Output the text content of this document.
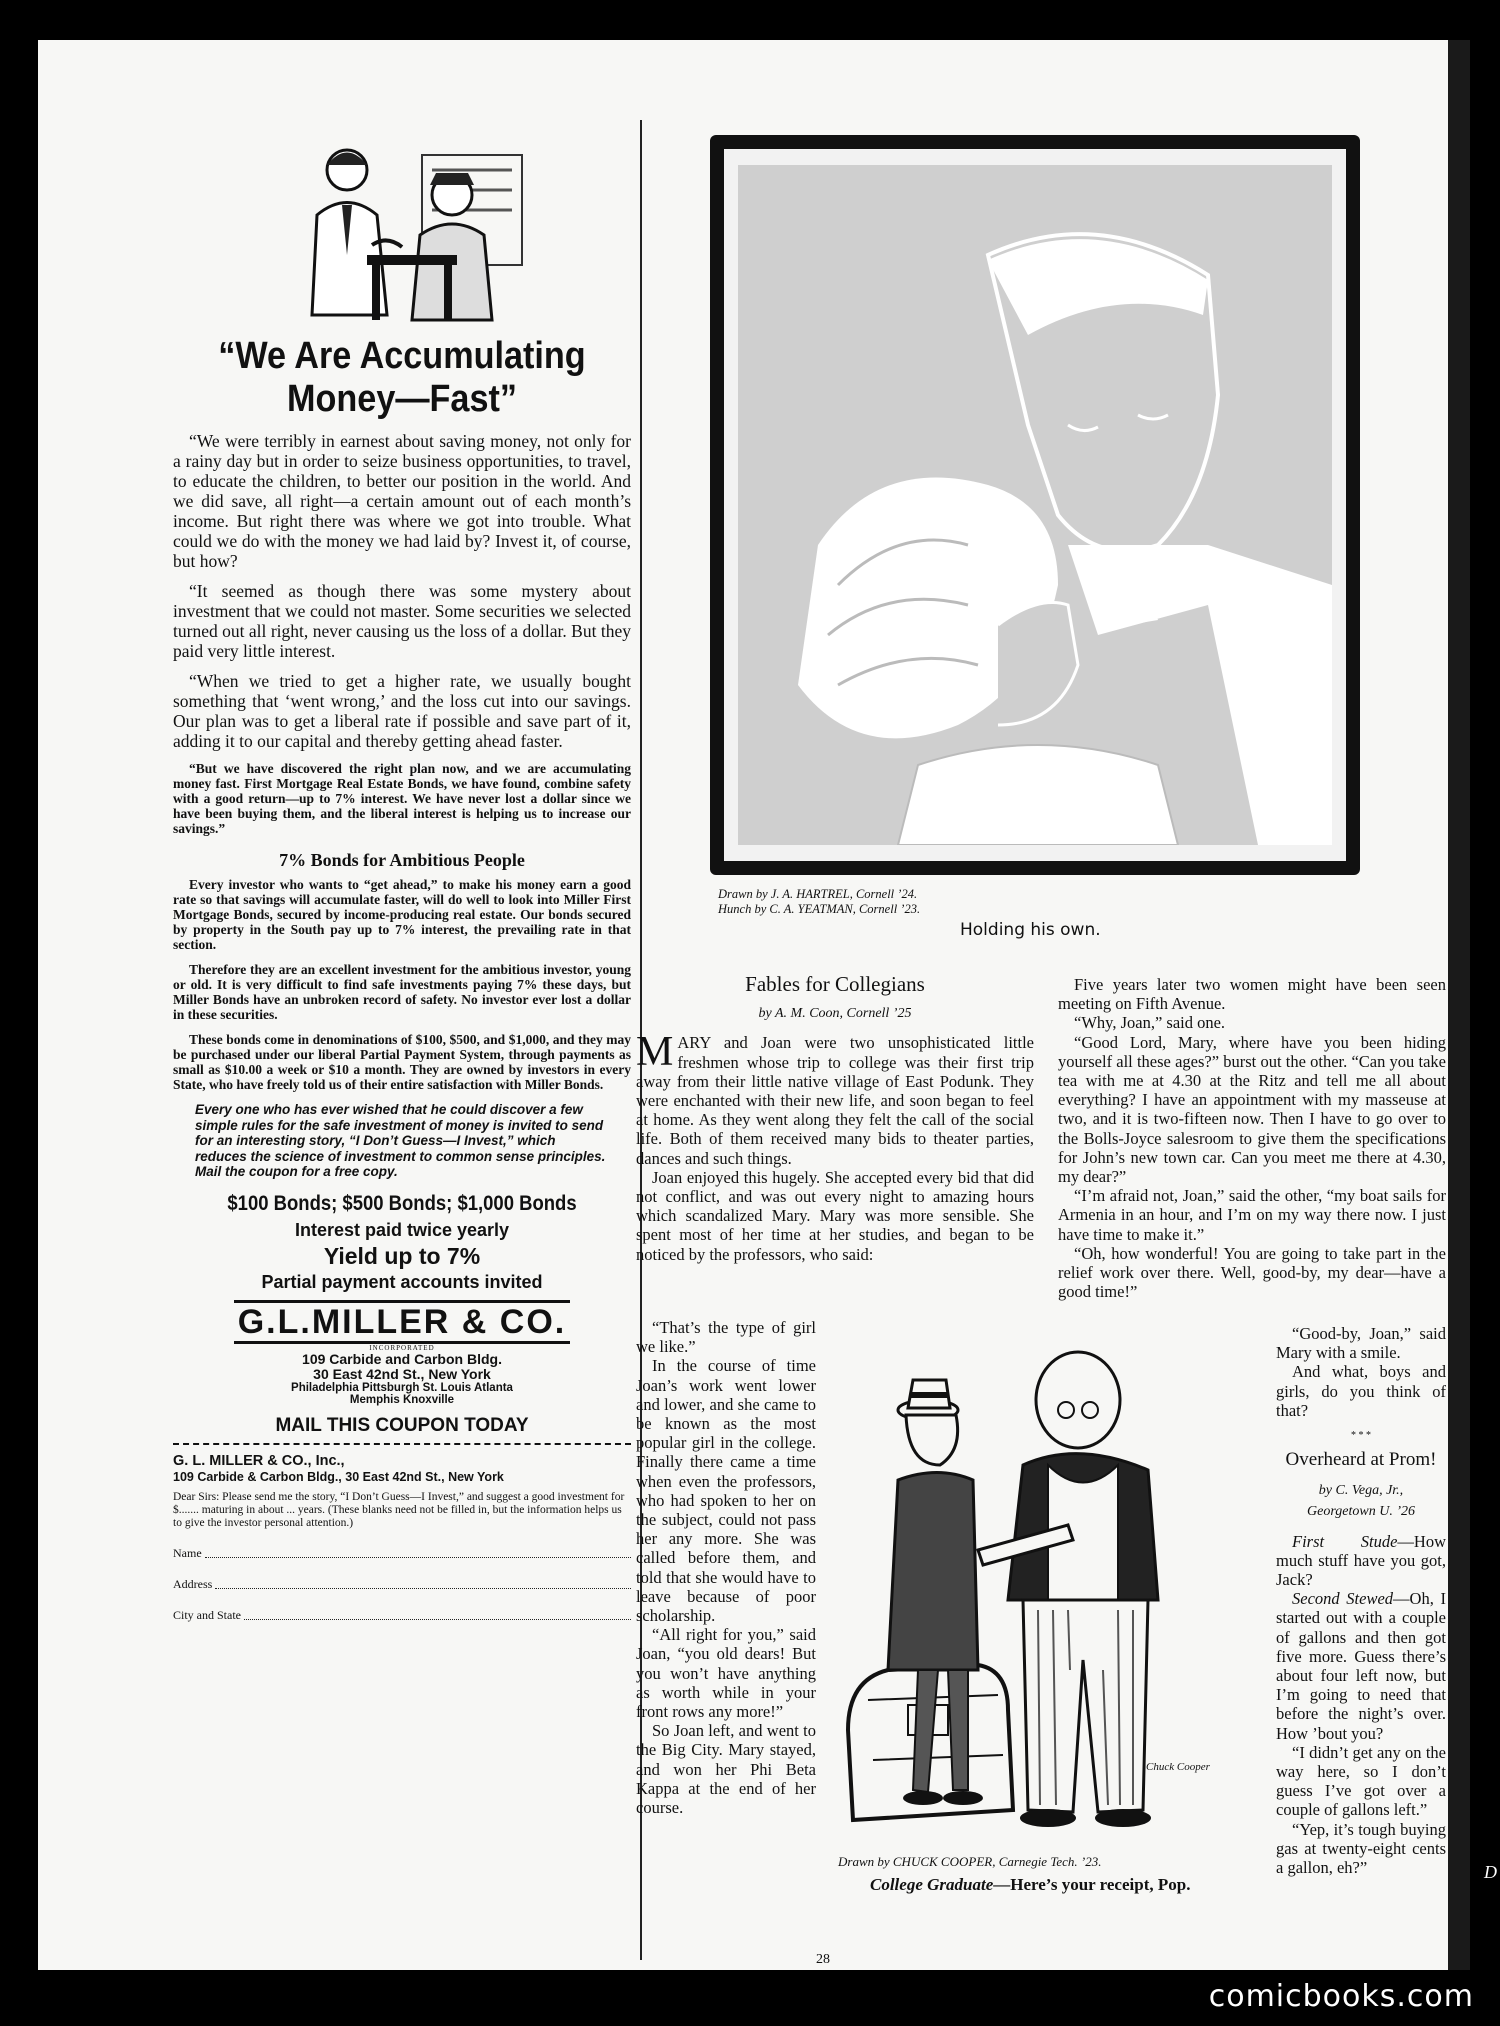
“We Are Accumulating Money—Fast”

“We were terribly in earnest about saving money, not only for a rainy day but in order to seize business opportunities, to travel, to educate the children, to better our position in the world. And we did save, all right—a certain amount out of each month’s income. But right there was where we got into trouble. What could we do with the money we had laid by? Invest it, of course, but how?

“It seemed as though there was some mystery about investment that we could not master. Some securities we selected turned out all right, never causing us the loss of a dollar. But they paid very little interest.

“When we tried to get a higher rate, we usually bought something that ‘went wrong,’ and the loss cut into our savings. Our plan was to get a liberal rate if possible and save part of it, adding it to our capital and thereby getting ahead faster.

“But we have discovered the right plan now, and we are accumulating money fast. First Mortgage Real Estate Bonds, we have found, combine safety with a good return—up to 7% interest. We have never lost a dollar since we have been buying them, and the liberal interest is helping us to increase our savings.”

7% Bonds for Ambitious People

Every investor who wants to “get ahead,” to make his money earn a good rate so that savings will accumulate faster, will do well to look into Miller First Mortgage Bonds, secured by income-producing real estate. Our bonds secured by property in the South pay up to 7% interest, the prevailing rate in that section.

Therefore they are an excellent investment for the ambitious investor, young or old. It is very difficult to find safe investments paying 7% these days, but Miller Bonds have an unbroken record of safety. No investor ever lost a dollar in these securities.

These bonds come in denominations of $100, $500, and $1,000, and they may be purchased under our liberal Partial Payment System, through payments as small as $10.00 a week or $10 a month. They are owned by investors in every State, who have freely told us of their entire satisfaction with Miller Bonds.

Every one who has ever wished that he could discover a few simple rules for the safe investment of money is invited to send for an interesting story, “I Don’t Guess—I Invest,” which reduces the science of investment to common sense principles. Mail the coupon for a free copy.

$100 Bonds; $500 Bonds; $1,000 Bonds
Interest paid twice yearly
Yield up to 7%
Partial payment accounts invited
G.L.MILLER & CO.
INCORPORATED
109 Carbide and Carbon Bldg.
30 East 42nd St., New York
Philadelphia Pittsburgh St. Louis Atlanta
Memphis Knoxville
MAIL THIS COUPON TODAY
G. L. MILLER & CO., Inc.,
109 Carbide & Carbon Bldg., 30 East 42nd St., New York
Dear Sirs: Please send me the story, “I Don’t Guess—I Invest,” and suggest a good investment for $....... maturing in about ... years. (These blanks need not be filled in, but the information helps us to give the investor personal attention.)
Name
Address
City and State
H
Drawn by J. A. HARTREL, Cornell ’24.
Hunch by C. A. YEATMAN, Cornell ’23.
Holding his own.
Fables for Collegians
by A. M. Coon, Cornell ’25

MARY and Joan were two unsophisticated little freshmen whose trip to college was their first trip away from their little native village of East Podunk. They were enchanted with their new life, and soon began to feel at home. As they went along they felt the call of the social life. Both of them received many bids to theater parties, dances and such things.

Joan enjoyed this hugely. She accepted every bid that did not conflict, and was out every night to amazing hours which scandalized Mary. Mary was more sensible. She spent most of her time at her studies, and began to be noticed by the professors, who said:

“That’s the type of girl we like.”

In the course of time Joan’s work went lower and lower, and she came to be known as the most popular girl in the college. Finally there came a time when even the professors, who had spoken to her on the subject, could not pass her any more. She was called before them, and told that she would have to leave because of poor scholarship.

“All right for you,” said Joan, “you old dears! But you won’t have anything as worth while in your front rows any more!”

So Joan left, and went to the Big City. Mary stayed, and won her Phi Beta Kappa at the end of her course.

Five years later two women might have been seen meeting on Fifth Avenue.

“Why, Joan,” said one.

“Good Lord, Mary, where have you been hiding yourself all these ages?” burst out the other. “Can you take tea with me at 4.30 at the Ritz and tell me all about everything? I have an appointment with my masseuse at two, and it is two-fifteen now. Then I have to go over to the Bolls-Joyce salesroom to give them the specifications for John’s new town car. Can you meet me there at 4.30, my dear?”

“I’m afraid not, Joan,” said the other, “my boat sails for Armenia in an hour, and I’m on my way there now. I just have time to make it.”

“Oh, how wonderful! You are going to take part in the relief work over there. Well, good-by, my dear—have a good time!”

“Good-by, Joan,” said Mary with a smile.

And what, boys and girls, do you think of that?

* * *
Overheard at Prom!
by C. Vega, Jr.,
Georgetown U. ’26

First Stude—How much stuff have you got, Jack?

Second Stewed—Oh, I started out with a couple of gallons and then got five more. Guess there’s about four left now, but I’m going to need that before the night’s over. How ’bout you?

“I didn’t get any on the way here, so I don’t guess I’ve got over a couple of gallons left.”

“Yep, it’s tough buying gas at twenty-eight cents a gallon, eh?”

Chuck Cooper
Drawn by CHUCK COOPER, Carnegie Tech. ’23.
College Graduate—Here’s your receipt, Pop.
28
D
comicbooks.com
